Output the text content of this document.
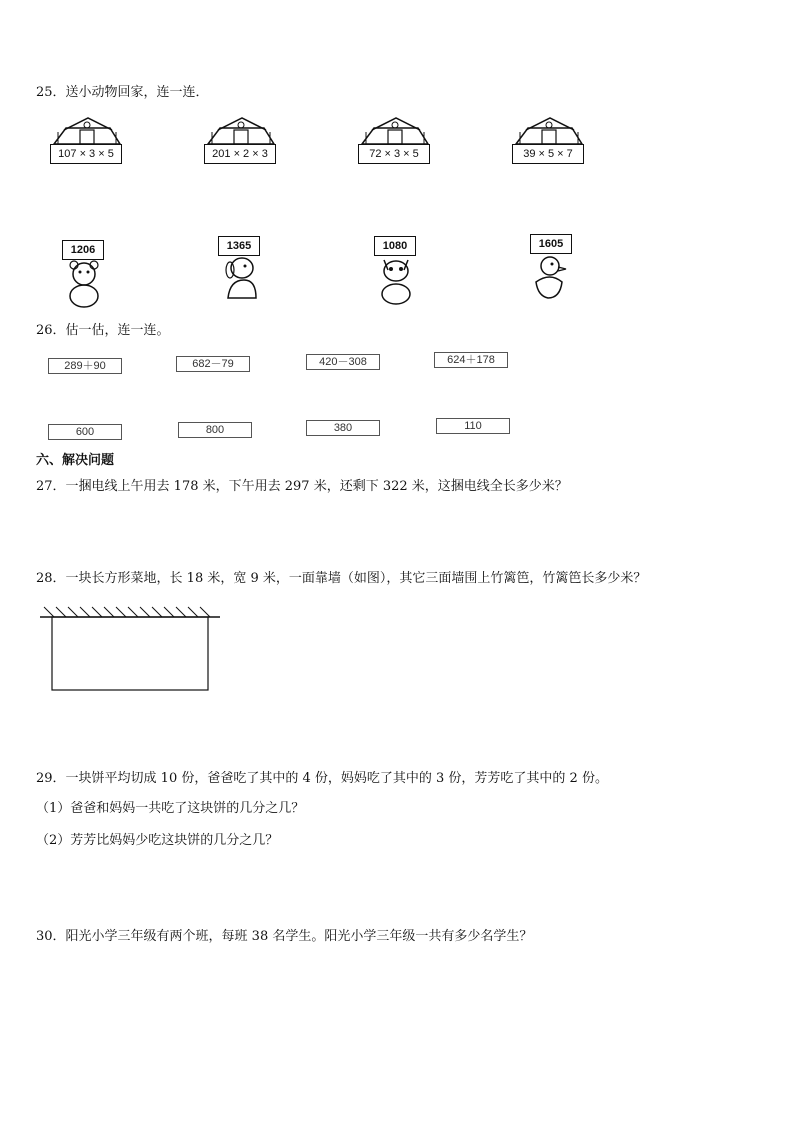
25．送小动物回家，连一连．
107 × 3 × 5	201 × 2 × 3	72 × 3 × 5	39 × 5 × 7
1206	1365	1080	1605
26．估一估，连一连。
289＋90	682－79	420－308	624＋178
600	800	380	110
六、解决问题
27．一捆电线上午用去 178 米，下午用去 297 米，还剩下 322 米，这捆电线全长多少米？
28．一块长方形菜地，长 18 米，宽 9 米，一面靠墙（如图），其它三面墙围上竹篱笆，竹篱笆长多少米？
29．一块饼平均切成 10 份，爸爸吃了其中的 4 份，妈妈吃了其中的 3 份，芳芳吃了其中的 2 份。
（1）爸爸和妈妈一共吃了这块饼的几分之几？
（2）芳芳比妈妈少吃这块饼的几分之几？
30．阳光小学三年级有两个班，每班 38 名学生。阳光小学三年级一共有多少名学生？
